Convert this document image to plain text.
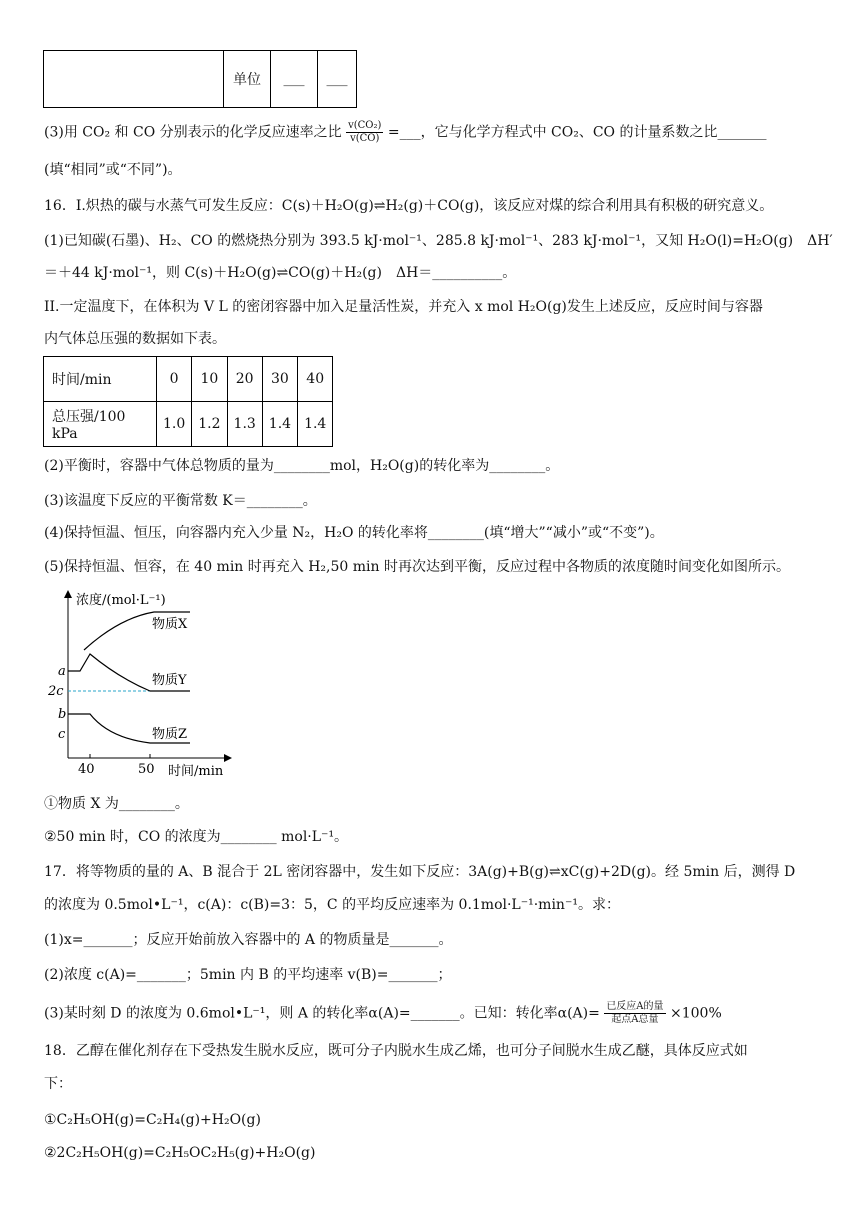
	单位	___	___
(3)用 CO₂ 和 CO 分别表示的化学反应速率之比 $\frac{\text{v(CO₂)}}{v(CO)}$ =___，它与化学方程式中 CO₂、CO 的计量系数之比_______
(填“相同”或“不同”)。
16．I.炽热的碳与水蒸气可发生反应：C(s)＋H₂O(g)⇌H₂(g)＋CO(g)，该反应对煤的综合利用具有积极的研究意义。
(1)已知碳(石墨)、H₂、CO 的燃烧热分别为 393.5 kJ·mol⁻¹、285.8 kJ·mol⁻¹、283 kJ·mol⁻¹，又知 H₂O(l)=H₂O(g)　ΔH′
＝＋44 kJ·mol⁻¹，则 C(s)＋H₂O(g)⇌CO(g)＋H₂(g)　ΔH＝__________。
II.一定温度下，在体积为 V L 的密闭容器中加入足量活性炭，并充入 x mol H₂O(g)发生上述反应，反应时间与容器
内气体总压强的数据如下表。
时间/min	0	10	20	30	40
总压强/100 kPa	1.0	1.2	1.3	1.4	1.4
(2)平衡时，容器中气体总物质的量为________mol，H₂O(g)的转化率为________。
(3)该温度下反应的平衡常数 K＝________。
(4)保持恒温、恒压，向容器内充入少量 N₂，H₂O 的转化率将________(填“增大”“减小”或“不变”)。
(5)保持恒温、恒容，在 40 min 时再充入 H₂,50 min 时再次达到平衡，反应过程中各物质的浓度随时间变化如图所示。
浓度/(mol·L⁻¹)
时间/min
40	50
a
2c
b
c
物质X
物质Y
物质Z
①物质 X 为________。
②50 min 时，CO 的浓度为________ mol·L⁻¹。
17．将等物质的量的 A、B 混合于 2L 密闭容器中，发生如下反应：3A(g)+B(g)⇌xC(g)+2D(g)。经 5min 后，测得 D
的浓度为 0.5mol•L⁻¹，c(A)：c(B)=3：5，C 的平均反应速率为 0.1mol·L⁻¹·min⁻¹。求：
(1)x=_______；反应开始前放入容器中的 A 的物质量是_______。
(2)浓度 c(A)=_______；5min 内 B 的平均速率 v(B)=_______；
(3)某时刻 D 的浓度为 0.6mol•L⁻¹，则 A 的转化率α(A)=_______。已知：转化率$\alpha(A)= \frac{\text{已反应A的量}}{\text{起点A总量}} \times 100\%$
18．乙醇在催化剂存在下受热发生脱水反应，既可分子内脱水生成乙烯，也可分子间脱水生成乙醚，具体反应式如
下：
①C₂H₅OH(g)=C₂H₄(g)+H₂O(g)
②2C₂H₅OH(g)=C₂H₅OC₂H₅(g)+H₂O(g)
